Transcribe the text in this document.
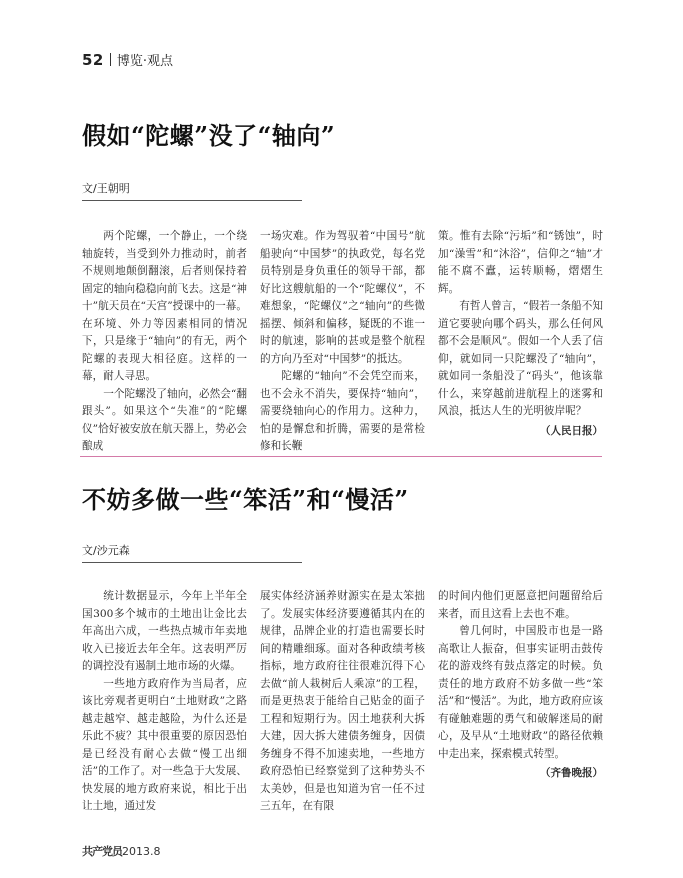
52 博览·观点
假如“陀螺”没了“轴向”
文/王朝明

两个陀螺，一个静止，一个绕轴旋转，当受到外力推动时，前者不规则地颠倒翻滚，后者则保持着固定的轴向稳稳向前飞去。这是“神十”航天员在“天宫”授课中的一幕。在环境、外力等因素相同的情况下，只是缘于“轴向”的有无，两个陀螺的表现大相径庭。这样的一幕，耐人寻思。

一个陀螺没了轴向，必然会“翻跟头”。如果这个“失准”的“陀螺仪”恰好被安放在航天器上，势必会酿成

一场灾难。作为驾驭着“中国号”航船驶向“中国梦”的执政党，每名党员特别是身负重任的领导干部，都好比这艘航船的一个“陀螺仪”，不难想象，“陀螺仪”之“轴向”的些微摇摆、倾斜和偏移，疑既的不谁一时的航速，影响的甚或是整个航程的方向乃至对“中国梦”的抵达。

陀螺的“轴向”不会凭空而来，也不会永不消失，要保持“轴向”，需要绕轴向心的作用力。这种力，怕的是懈怠和折腾，需要的是常检修和长鞭

策。惟有去除“污垢”和“锈蚀”，时加“澡雪”和“沐浴”，信仰之“轴”才能不腐不蠹，运转顺畅，熠熠生辉。

有哲人曾言，“假若一条船不知道它要驶向哪个码头，那么任何风都不会是顺风”。假如一个人丢了信仰，就如同一只陀螺没了“轴向”，就如同一条船没了“码头”，他该靠什么，来穿越前进航程上的迷雾和风浪，抵达人生的光明彼岸呢？

（人民日报）
不妨多做一些“笨活”和“慢活”
文/沙元森

统计数据显示，今年上半年全国300多个城市的土地出让金比去年高出六成，一些热点城市年卖地收入已接近去年全年。这表明严厉的调控没有遏制土地市场的火爆。

一些地方政府作为当局者，应该比旁观者更明白“土地财政”之路越走越窄、越走越险，为什么还是乐此不疲？其中很重要的原因恐怕是已经没有耐心去做“慢工出细活”的工作了。对一些急于大发展、快发展的地方政府来说，相比于出让土地，通过发

展实体经济涵养财源实在是太笨拙了。发展实体经济要遵循其内在的规律，品牌企业的打造也需要长时间的精雕细琢。面对各种政绩考核指标，地方政府往往很难沉得下心去做“前人栽树后人乘凉”的工程，而是更热衷于能给自己贴金的面子工程和短期行为。因土地获利大拆大建，因大拆大建债务缠身，因债务缠身不得不加速卖地，一些地方政府恐怕已经察觉到了这种势头不太美妙，但是也知道为官一任不过三五年，在有限

的时间内他们更愿意把问题留给后来者，而且这看上去也不难。

曾几何时，中国股市也是一路高歌让人振奋，但事实证明击鼓传花的游戏终有鼓点落定的时候。负责任的地方政府不妨多做一些“笨活”和“慢活”。为此，地方政府应该有碰触难题的勇气和破解迷局的耐心，及早从“土地财政”的路径依赖中走出来，探索模式转型。

（齐鲁晚报）
共产党员2013.8
